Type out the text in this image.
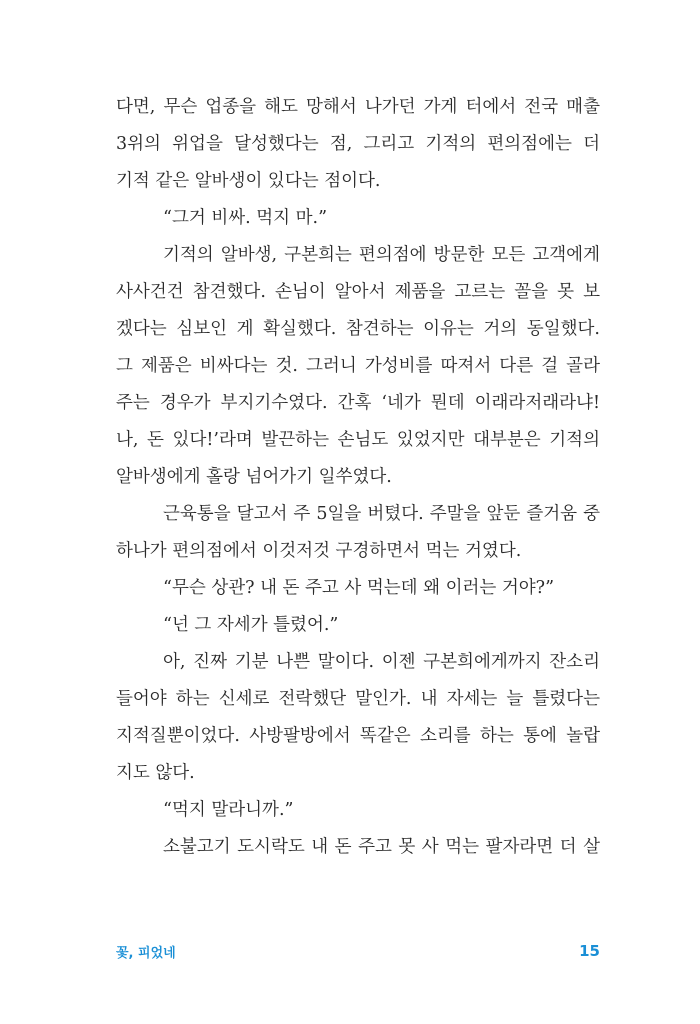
다면, 무슨 업종을 해도 망해서 나가던 가게 터에서 전국 매출
3위의 위업을 달성했다는 점, 그리고 기적의 편의점에는 더
기적 같은 알바생이 있다는 점이다.
“그거 비싸. 먹지 마.”
기적의 알바생, 구본희는 편의점에 방문한 모든 고객에게
사사건건 참견했다. 손님이 알아서 제품을 고르는 꼴을 못 보
겠다는 심보인 게 확실했다. 참견하는 이유는 거의 동일했다.
그 제품은 비싸다는 것. 그러니 가성비를 따져서 다른 걸 골라
주는 경우가 부지기수였다. 간혹 ‘네가 뭔데 이래라저래라냐!
나, 돈 있다!’라며 발끈하는 손님도 있었지만 대부분은 기적의
알바생에게 홀랑 넘어가기 일쑤였다.
근육통을 달고서 주 5일을 버텼다. 주말을 앞둔 즐거움 중
하나가 편의점에서 이것저것 구경하면서 먹는 거였다.
“무슨 상관? 내 돈 주고 사 먹는데 왜 이러는 거야?”
“넌 그 자세가 틀렸어.”
아, 진짜 기분 나쁜 말이다. 이젠 구본희에게까지 잔소리
들어야 하는 신세로 전락했단 말인가. 내 자세는 늘 틀렸다는
지적질뿐이었다. 사방팔방에서 똑같은 소리를 하는 통에 놀랍
지도 않다.
“먹지 말라니까.”
소불고기 도시락도 내 돈 주고 못 사 먹는 팔자라면 더 살
꽃, 피었네	15
